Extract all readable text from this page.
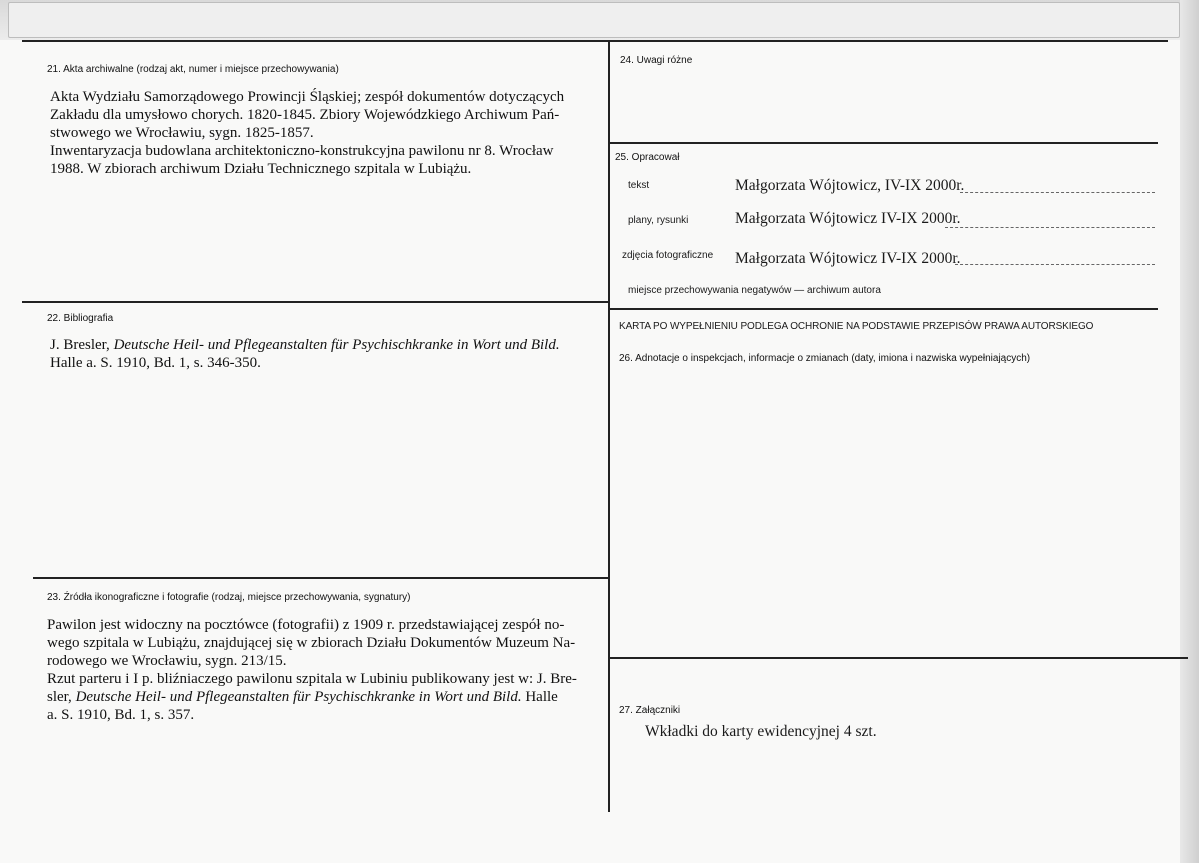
21. Akta archiwalne (rodzaj akt, numer i miejsce przechowywania)
Akta Wydziału Samorządowego Prowincji Śląskiej; zespół dokumentów dotyczących
Zakładu dla umysłowo chorych. 1820-1845. Zbiory Wojewódzkiego Archiwum Pań-
stwowego we Wrocławiu, sygn. 1825-1857.
Inwentaryzacja budowlana architektoniczno-konstrukcyjna pawilonu nr 8. Wrocław
1988. W zbiorach archiwum Działu Technicznego szpitala w Lubiążu.
22. Bibliografia
J. Bresler, Deutsche Heil- und Pflegeanstalten für Psychischkranke in Wort und Bild.
Halle a. S. 1910, Bd. 1, s. 346-350.
23. Źródła ikonograficzne i fotografie (rodzaj, miejsce przechowywania, sygnatury)
Pawilon jest widoczny na pocztówce (fotografii) z 1909 r. przedstawiającej zespół no-
wego szpitala w Lubiążu, znajdującej się w zbiorach Działu Dokumentów Muzeum Na-
rodowego we Wrocławiu, sygn. 213/15.
Rzut parteru i I p. bliźniaczego pawilonu szpitala w Lubiniu publikowany jest w: J. Bre-
sler, Deutsche Heil- und Pflegeanstalten für Psychischkranke in Wort und Bild. Halle
a. S. 1910, Bd. 1, s. 357.
24. Uwagi różne
25. Opracował
tekst	Małgorzata Wójtowicz, IV-IX 2000r.
plany, rysunki	Małgorzata Wójtowicz IV-IX 2000r.
zdjęcia fotograficzne Małgorzata Wójtowicz IV-IX 2000r.
miejsce przechowywania negatywów — archiwum autora
KARTA PO WYPEŁNIENIU PODLEGA OCHRONIE NA PODSTAWIE PRZEPISÓW PRAWA AUTORSKIEGO
26. Adnotacje o inspekcjach, informacje o zmianach (daty, imiona i nazwiska wypełniających)
27. Załączniki
Wkładki do karty ewidencyjnej 4 szt.
